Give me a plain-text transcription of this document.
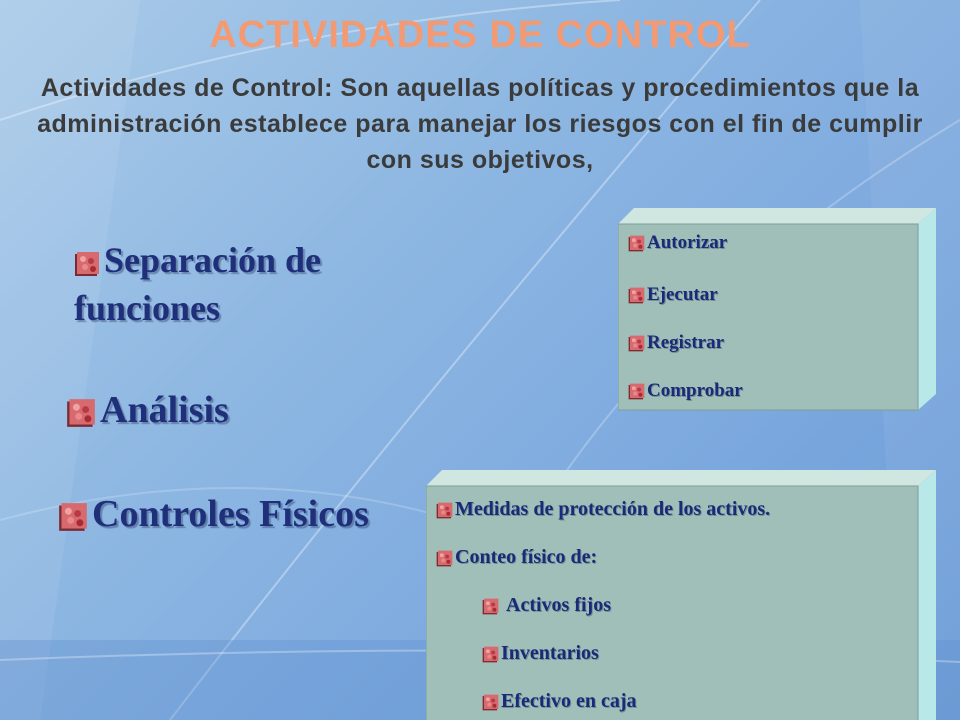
ACTIVIDADES DE CONTROL
Actividades de Control: Son aquellas políticas y procedimientos que la administración establece para manejar los riesgos con el fin de cumplir con sus objetivos,
Separación de funciones
Análisis
Controles Físicos
Autorizar
Ejecutar
Registrar
Comprobar
Medidas de protección de los activos.
Conteo físico de:
Activos fijos
Inventarios
Efectivo en caja
